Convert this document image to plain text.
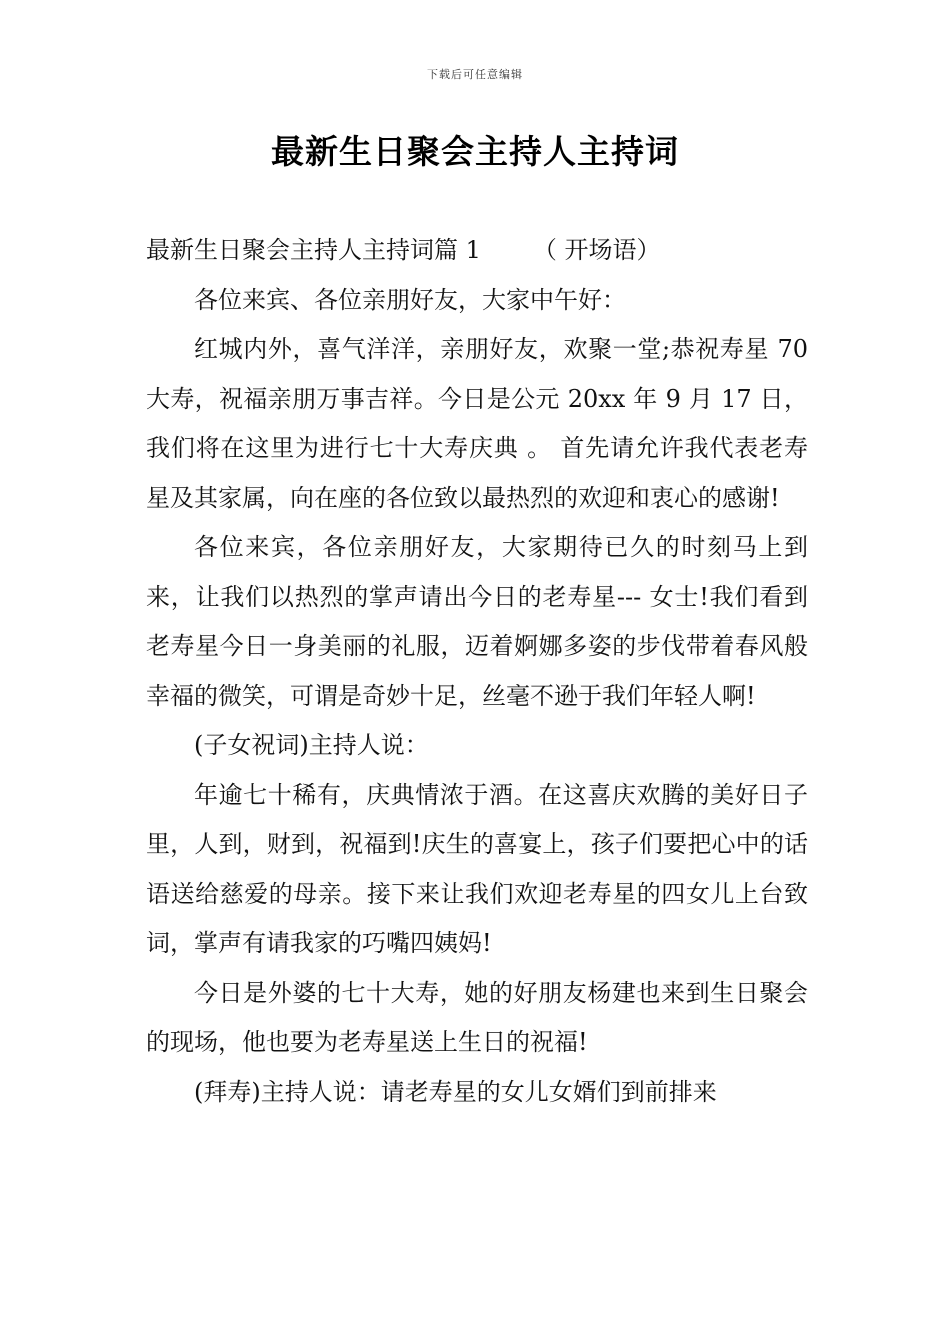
下载后可任意编辑
最新生日聚会主持人主持词

最新生日聚会主持人主持词篇 1 （ 开场语）

各位来宾、各位亲朋好友，大家中午好：

红城内外，喜气洋洋，亲朋好友，欢聚一堂;恭祝寿星 70 大寿，祝福亲朋万事吉祥。今日是公元 20xx 年 9 月 17 日，我们将在这里为进行七十大寿庆典 。 首先请允许我代表老寿星及其家属，向在座的各位致以最热烈的欢迎和衷心的感谢!

各位来宾，各位亲朋好友，大家期待已久的时刻马上到来，让我们以热烈的掌声请出今日的老寿星--- 女士!我们看到老寿星今日一身美丽的礼服，迈着婀娜多姿的步伐带着春风般幸福的微笑，可谓是奇妙十足，丝毫不逊于我们年轻人啊!

(子女祝词)主持人说：

年逾七十稀有，庆典情浓于酒。在这喜庆欢腾的美好日子里，人到，财到，祝福到!庆生的喜宴上，孩子们要把心中的话语送给慈爱的母亲。接下来让我们欢迎老寿星的四女儿上台致词，掌声有请我家的巧嘴四姨妈!

今日是外婆的七十大寿，她的好朋友杨建也来到生日聚会的现场，他也要为老寿星送上生日的祝福!

(拜寿)主持人说：请老寿星的女儿女婿们到前排来
